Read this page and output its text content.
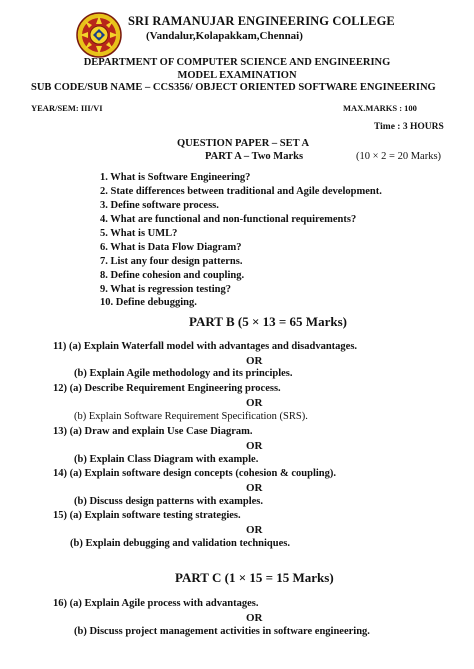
SRI RAMANUJAR ENGINEERING COLLEGE
(Vandalur,Kolapakkam,Chennai)
DEPARTMENT OF COMPUTER SCIENCE AND ENGINEERING
MODEL EXAMINATION
SUB CODE/SUB NAME – CCS356/ OBJECT ORIENTED SOFTWARE ENGINEERING
YEAR/SEM: III/VI	MAX.MARKS : 100
Time : 3 HOURS
QUESTION PAPER – SET A
PART A – Two Marks	(10 × 2 = 20 Marks)
1. What is Software Engineering?
2. State differences between traditional and Agile development.
3. Define software process.
4. What are functional and non-functional requirements?
5. What is UML?
6. What is Data Flow Diagram?
7. List any four design patterns.
8. Define cohesion and coupling.
9. What is regression testing?
10. Define debugging.
PART B (5 × 13 = 65 Marks)
11) (a) Explain Waterfall model with advantages and disadvantages.
OR
(b) Explain Agile methodology and its principles.
12) (a) Describe Requirement Engineering process.
OR
(b) Explain Software Requirement Specification (SRS).
13) (a) Draw and explain Use Case Diagram.
OR
(b) Explain Class Diagram with example.
14) (a) Explain software design concepts (cohesion & coupling).
OR
(b) Discuss design patterns with examples.
15) (a) Explain software testing strategies.
OR
(b) Explain debugging and validation techniques.
PART C (1 × 15 = 15 Marks)
16) (a) Explain Agile process with advantages.
OR
(b) Discuss project management activities in software engineering.
